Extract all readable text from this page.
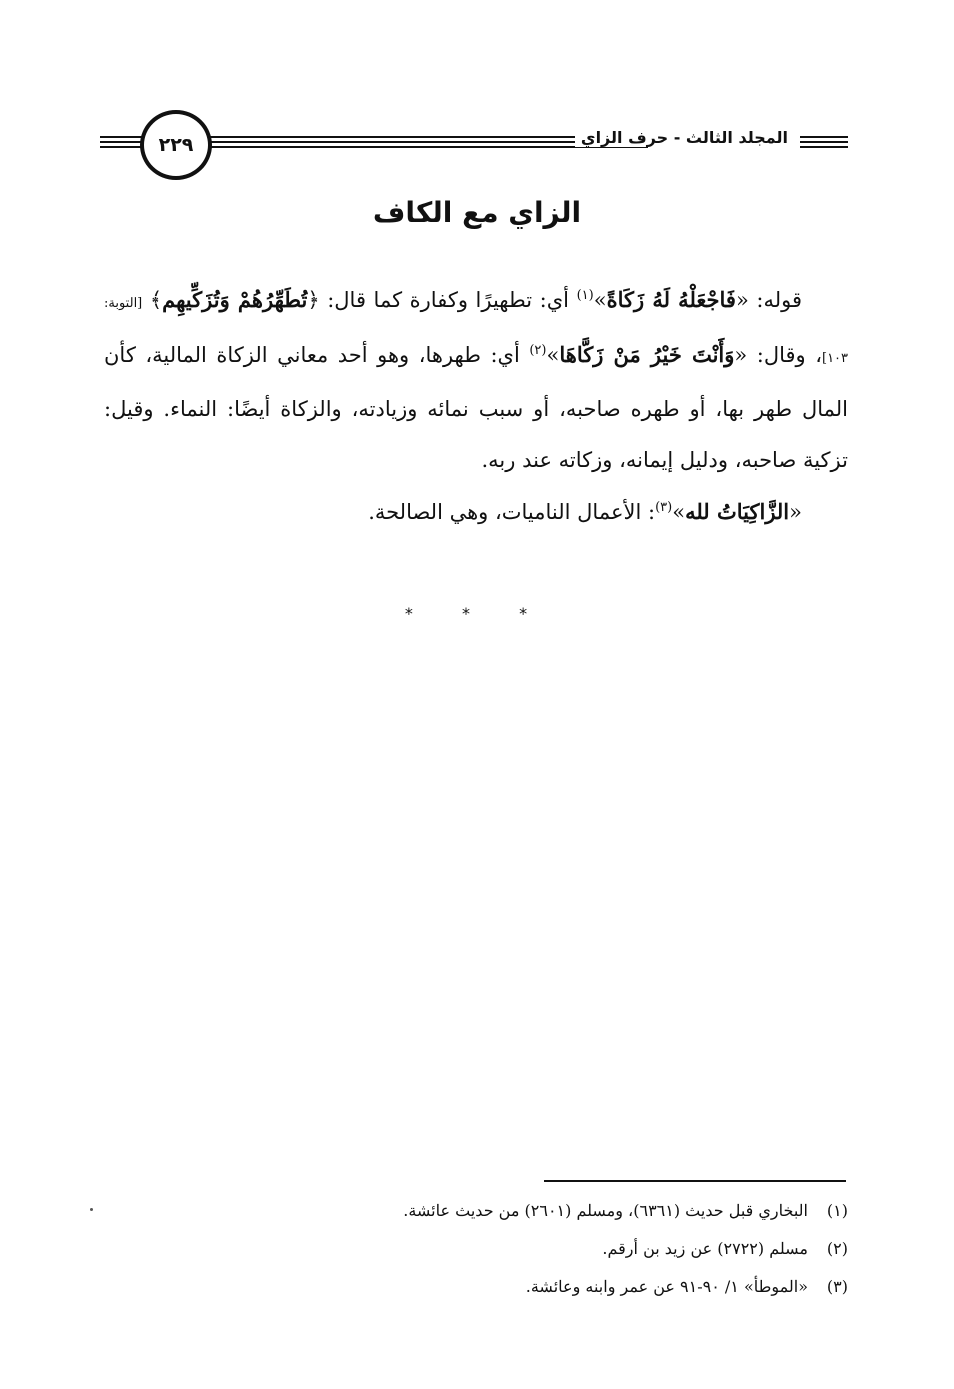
٢٢٩	المجلد الثالث - حرف الزاي
الزاي مع الكاف

قوله: «فَاجْعَلْهُ لَهُ زَكَاةً»$^{(١)}$ أي: تطهيرًا وكفارة كما قال: ﴿تُطَهِّرُهُمْ وَتُزَكِّيهِم﴾ [التوبة: ١٠٣]، وقال: «وَأَنْتَ خَيْرُ مَنْ زَكَّاهَا»$^{(٢)}$ أي: طهرها، وهو أحد معاني الزكاة المالية، كأن المال طهر بها، أو طهره صاحبه، أو سبب نمائه وزيادته، والزكاة أيضًا: النماء. وقيل: تزكية صاحبه، ودليل إيمانه، وزكاته عند ربه.

«الزَّاكِيَاتُ لله»$^{(٣)}$: الأعمال الناميات، وهي الصالحة.

* * *
(١)البخاري قبل حديث (٦٣٦١)، ومسلم (٢٦٠١) من حديث عائشة.
(٢)مسلم (٢٧٢٢) عن زيد بن أرقم.
(٣)«الموطأ» ١/ ٩٠-٩١ عن عمر وابنه وعائشة.
